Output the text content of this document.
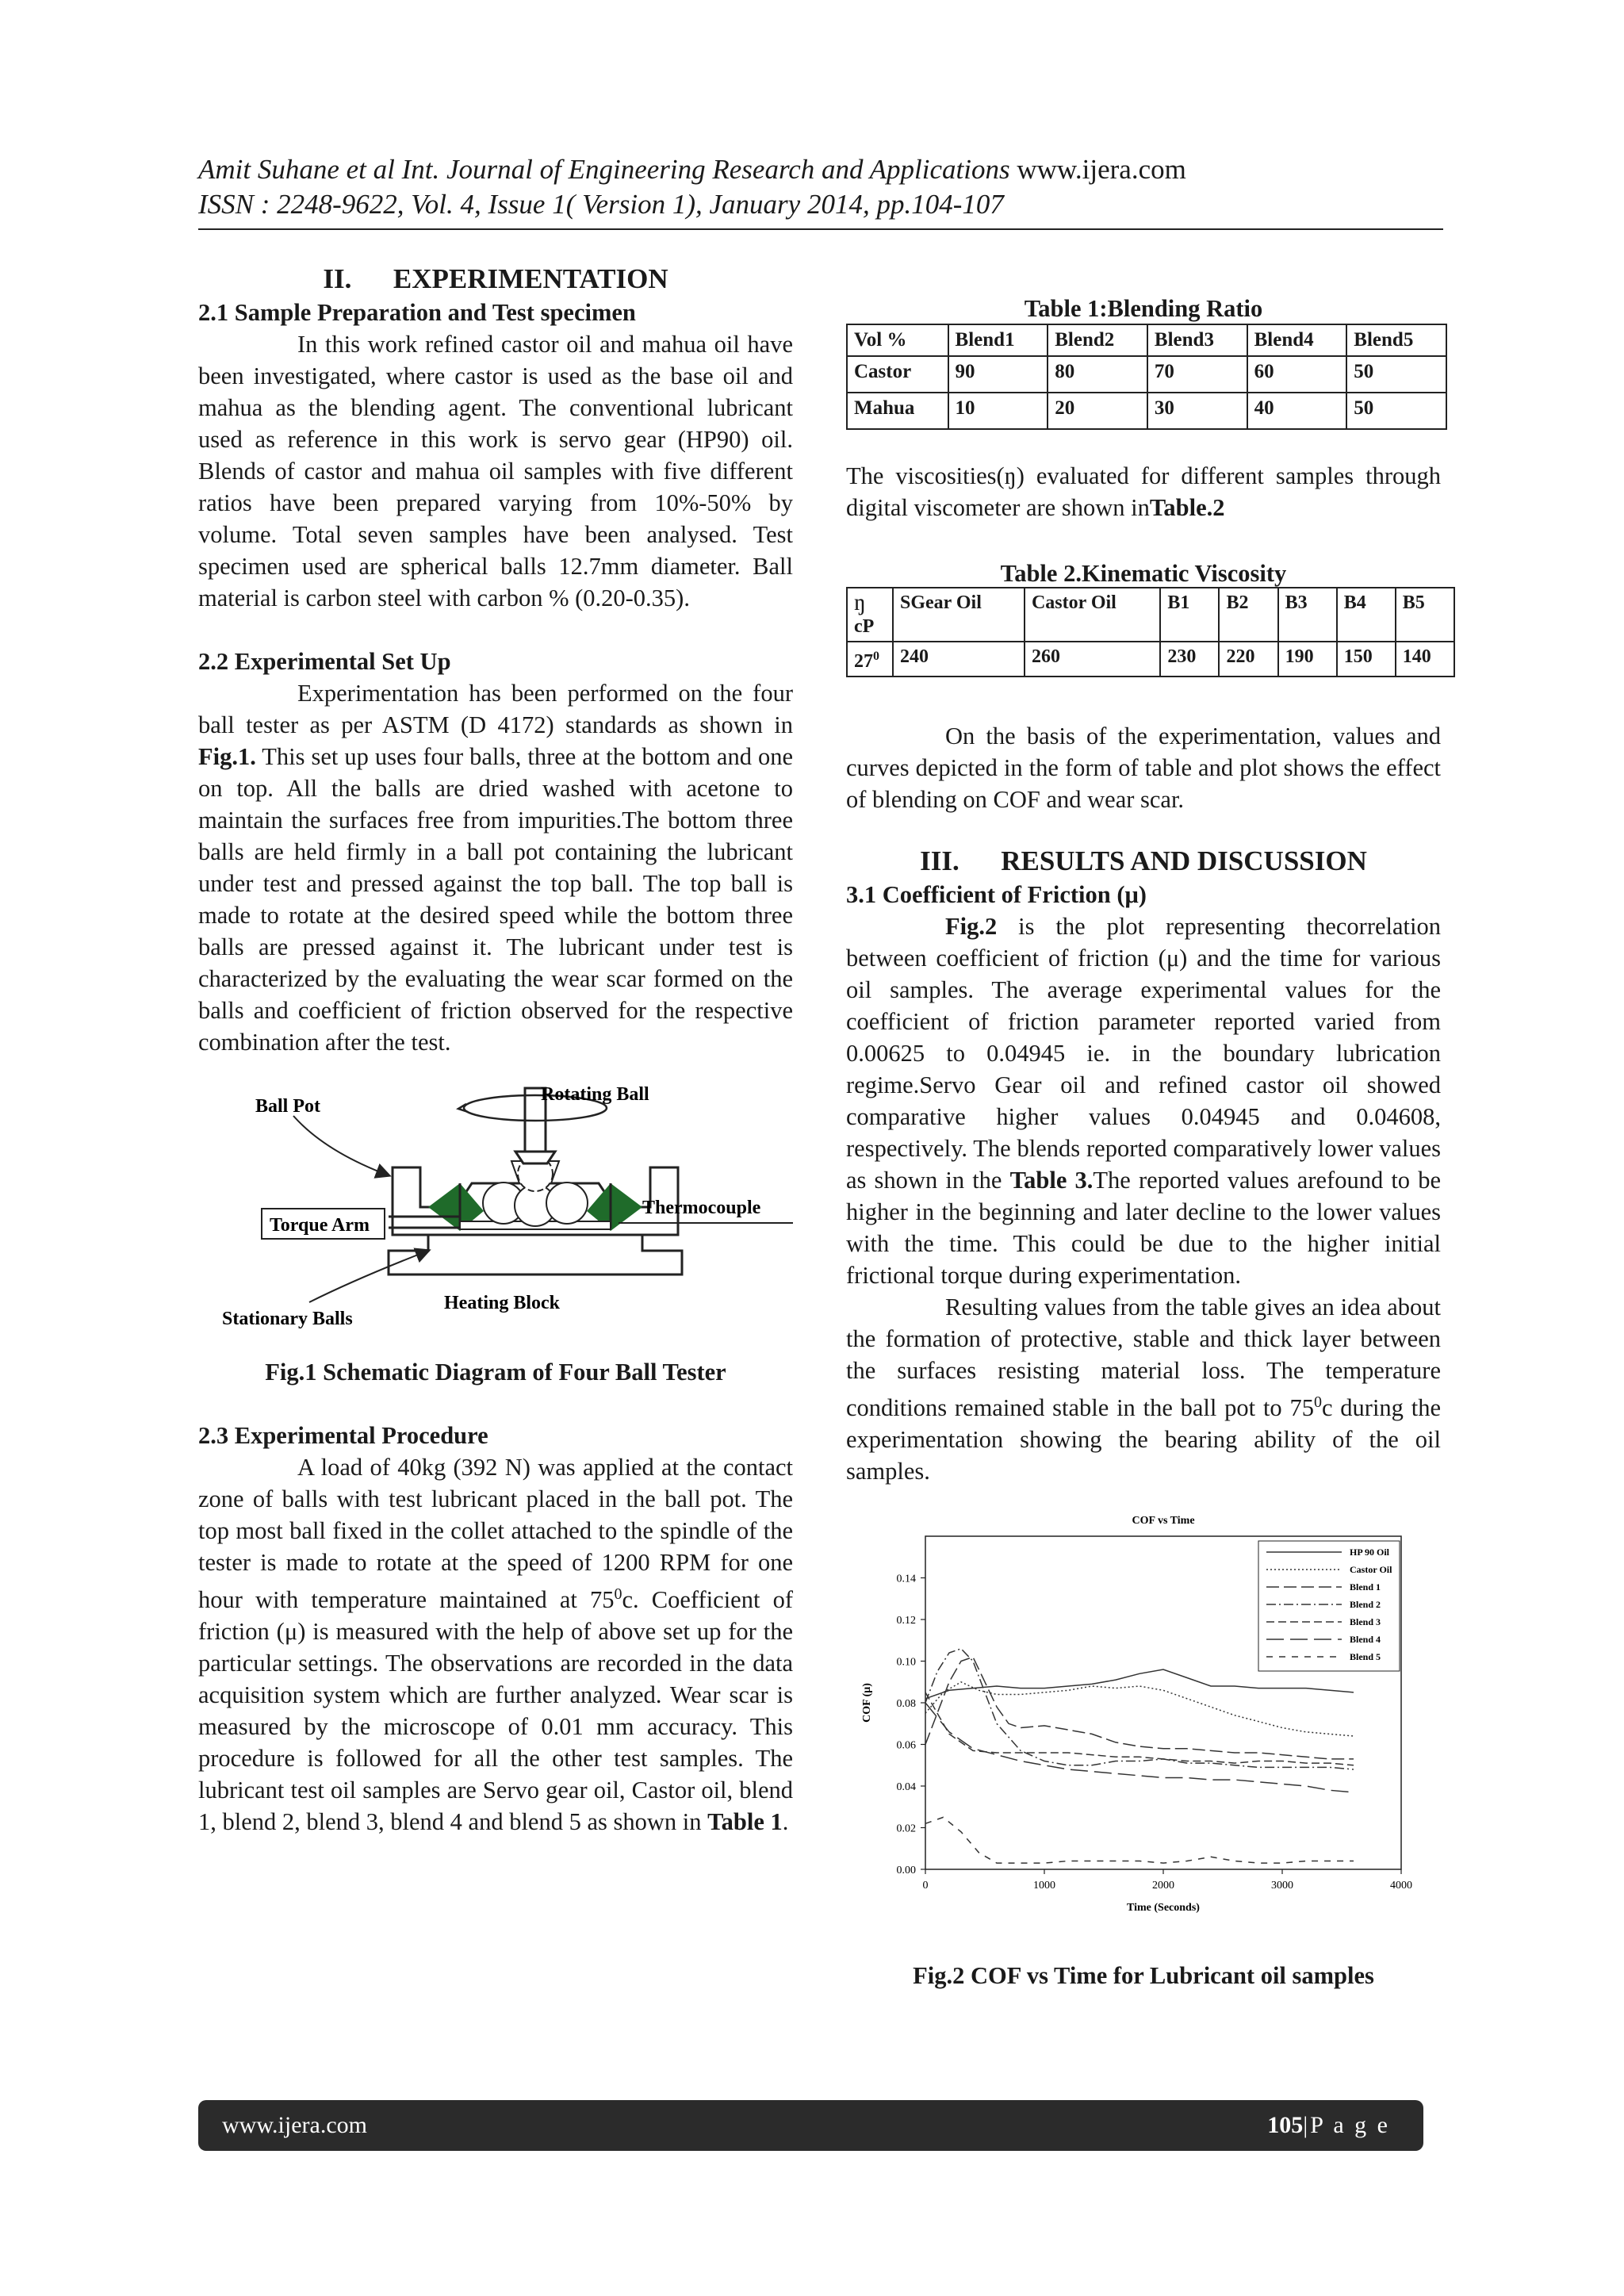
Amit Suhane et al Int. Journal of Engineering Research and Applications www.ijera.com
ISSN : 2248-9622, Vol. 4, Issue 1( Version 1), January 2014, pp.104-107
II.      EXPERIMENTATION

2.1 Sample Preparation and Test specimen

In this work refined castor oil and mahua oil have been investigated, where castor is used as the base oil and mahua as the blending agent. The conventional lubricant used as reference in this work is servo gear (HP90) oil. Blends of castor and mahua oil samples with five different ratios have been prepared varying from 10%-50% by volume. Total seven samples have been analysed. Test specimen used are spherical balls 12.7mm diameter. Ball material is carbon steel with carbon % (0.20-0.35).

2.2 Experimental Set Up

Experimentation has been performed on the four ball tester as per ASTM (D 4172) standards as shown in Fig.1. This set up uses four balls, three at the bottom and one on top. All the balls are dried washed with acetone to maintain the surfaces free from impurities.The bottom three balls are held firmly in a ball pot containing the lubricant under test and pressed against the top ball. The top ball is made to rotate at the desired speed while the bottom three balls are pressed against it. The lubricant under test is characterized by the evaluating the wear scar formed on the balls and coefficient of friction observed for the respective combination after the test.

Rotating Ball
Ball Pot
Torque Arm
Thermocouple
Stationary Balls
Heating Block

Fig.1 Schematic Diagram of Four Ball Tester

2.3 Experimental Procedure

A load of 40kg (392 N) was applied at the contact zone of balls with test lubricant placed in the ball pot. The top most ball fixed in the collet attached to the spindle of the tester is made to rotate at the speed of 1200 RPM for one hour with temperature maintained at $75^0c$. Coefficient of friction (μ) is measured with the help of above set up for the particular settings. The observations are recorded in the data acquisition system which are further analyzed. Wear scar is measured by the microscope of 0.01 mm accuracy. This procedure is followed for all the other test samples. The lubricant test oil samples are Servo gear oil, Castor oil, blend 1, blend 2, blend 3, blend 4 and blend 5 as shown in Table 1.

Table 1:Blending Ratio

Vol %	Blend1	Blend2	Blend3	Blend4	Blend5
Castor	90	80	70	60	50
Mahua	10	20	30	40	50

The viscosities(ŋ) evaluated for different samples through digital viscometer are shown inTable.2

Table 2.Kinematic Viscosity

ŋ
cP	SGear Oil	Castor Oil	B1	B2	B3	B4	B5
$27^0$	240	260	230	220	190	150	140

On the basis of the experimentation, values and curves depicted in the form of table and plot shows the effect of blending on COF and wear scar.

III.      RESULTS AND DISCUSSION

3.1 Coefficient of Friction (μ)

Fig.2 is the plot representing thecorrelation between coefficient of friction (μ) and the time for various oil samples. The average experimental values for the coefficient of friction parameter reported varied from 0.00625 to 0.04945 ie. in the boundary lubrication regime.Servo Gear oil and refined castor oil showed comparative higher values 0.04945 and 0.04608, respectively. The blends reported comparatively lower values as shown in the Table 3.The reported values arefound to be higher in the beginning and later decline to the lower values with the time. This could be due to the higher initial frictional torque during experimentation.

Resulting values from the table gives an idea about the formation of protective, stable and thick layer between the surfaces resisting material loss. The temperature conditions remained stable in the ball pot to $75^0c$ during the experimentation showing the bearing ability of the oil samples.

COF vs Time
Time (Seconds)
COF (μ)
0	1000	2000	3000	4000
0.00
0.02
0.04
0.06
0.08
0.10
0.12
0.14
HP 90 Oil
Castor Oil
Blend 1
Blend 2
Blend 3
Blend 4
Blend 5

Fig.2 COF vs Time for Lubricant oil samples

www.ijera.com	105|P a g e
